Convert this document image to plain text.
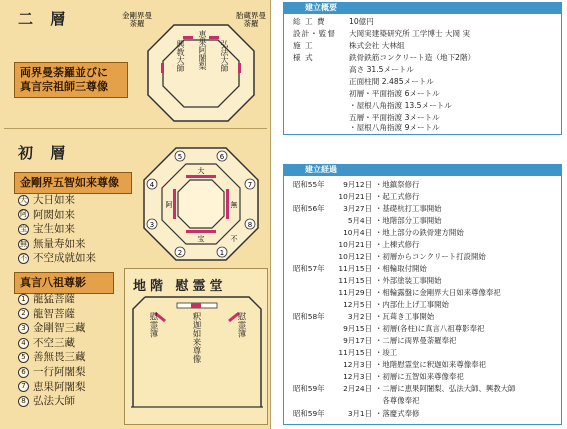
二 層
両界曼荼羅並びに
真言宗祖師三尊像
恵果阿闍梨
興教大師	弘法大師
金剛界曼荼羅
胎蔵界曼荼羅
初 層
金剛界五智如来尊像
大 大日如来
阿 阿閦如来
宝 宝生如来
無 無量寿如来
不 不空成就如来
5	6
4	7
3	8
2	1
大
阿
宝
無
不
真言八祖尊影
1 龍猛菩薩
2 龍智菩薩
3 金剛智三藏
4 不空三藏
5 善無畏三藏
6 一行阿闍梨
7 恵果阿闍梨
8 弘法大師
地階 慰霊堂
慰霊簿	釈迦如来尊像	慰霊簿
建立概要
総 工 費	10億円
設計・監督 大岡実建築研究所 工学博士 大岡 実
施 工	株式会社 大林組
様 式	鉄骨鉄筋コンクリート造（地下2階）
高さ 31.5メートル
正面柱間 2.485メートル
初層・平面指渡 6メートル
・屋根八角指渡 13.5メートル
五層・平面指渡 3メートル
・屋根八角指渡 9メートル
建立経過
昭和55年	9月12日 ・地鎮祭修行
10月21日 ・起工式修行
昭和56年	3月27日 ・基礎杭打工事開始
5月4日 ・地階部分工事開始
10月4日 ・地上部分の鉄骨建方開始
10月21日 ・上棟式修行
10月12日 ・初層からコンクリート打設開始
昭和57年 11月15日 ・相輪取付開始
11月15日 ・外部塗装工事開始
11月29日 ・相輪露盤に金剛界大日如来尊像奉祀
12月5日 ・内部仕上げ工事開始
昭和58年	3月2日 ・瓦葺き工事開始
9月15日 ・初層(各柱)に真言八祖尊影奉祀
9月17日 ・二層に両界曼荼羅奉祀
11月15日 ・竣工
12月3日 ・地階慰霊堂に釈迦如来尊像奉祀
12月3日 ・初層に五智如来尊像奉祀
昭和59年	2月24日 ・二層に恵果阿闍梨、弘法大師、興教大師
各尊像奉祀
昭和59年	3月1日 ・落慶式奉修
